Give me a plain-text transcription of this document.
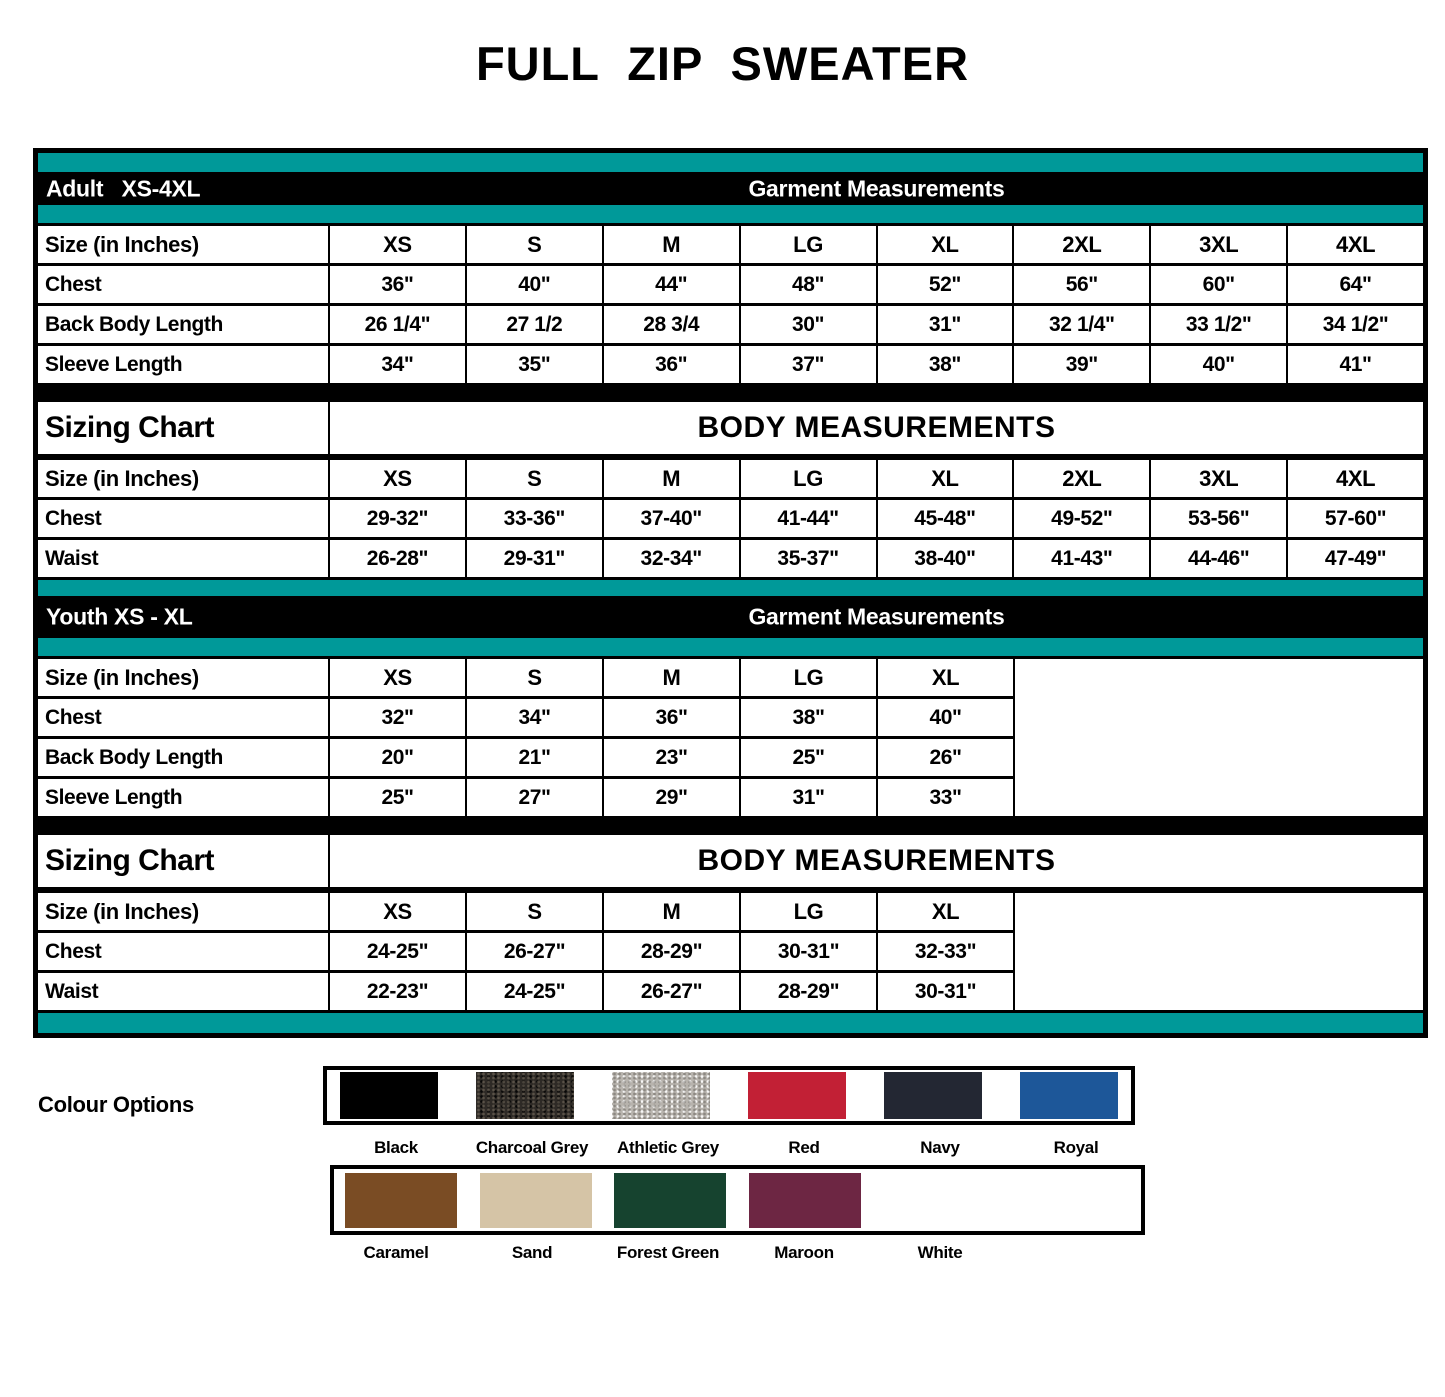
FULL ZIP SWEATER
Adult   XS-4XL	Garment Measurements
Size (in Inches)	XS	S	M	LG	XL	2XL	3XL	4XL
Chest	36"	40"	44"	48"	52"	56"	60"	64"
Back Body Length	26 1/4"	27 1/2	28 3/4	30"	31"	32 1/4"	33 1/2"	34 1/2"
Sleeve Length	34"	35"	36"	37"	38"	39"	40"	41"
Sizing Chart	BODY MEASUREMENTS
Size (in Inches)	XS	S	M	LG	XL	2XL	3XL	4XL
Chest	29-32"	33-36"	37-40"	41-44"	45-48"	49-52"	53-56"	57-60"
Waist	26-28"	29-31"	32-34"	35-37"	38-40"	41-43"	44-46"	47-49"
Youth XS - XL	Garment Measurements
Size (in Inches)	XS	S	M	LG	XL
Chest	32"	34"	36"	38"	40"
Back Body Length	20"	21"	23"	25"	26"
Sleeve Length	25"	27"	29"	31"	33"
Sizing Chart	BODY MEASUREMENTS
Size (in Inches)	XS	S	M	LG	XL
Chest	24-25"	26-27"	28-29"	30-31"	32-33"
Waist	22-23"	24-25"	26-27"	28-29"	30-31"
Colour Options
Black	Charcoal Grey	Athletic Grey	Red	Navy	Royal
Caramel	Sand	Forest Green	Maroon	White
